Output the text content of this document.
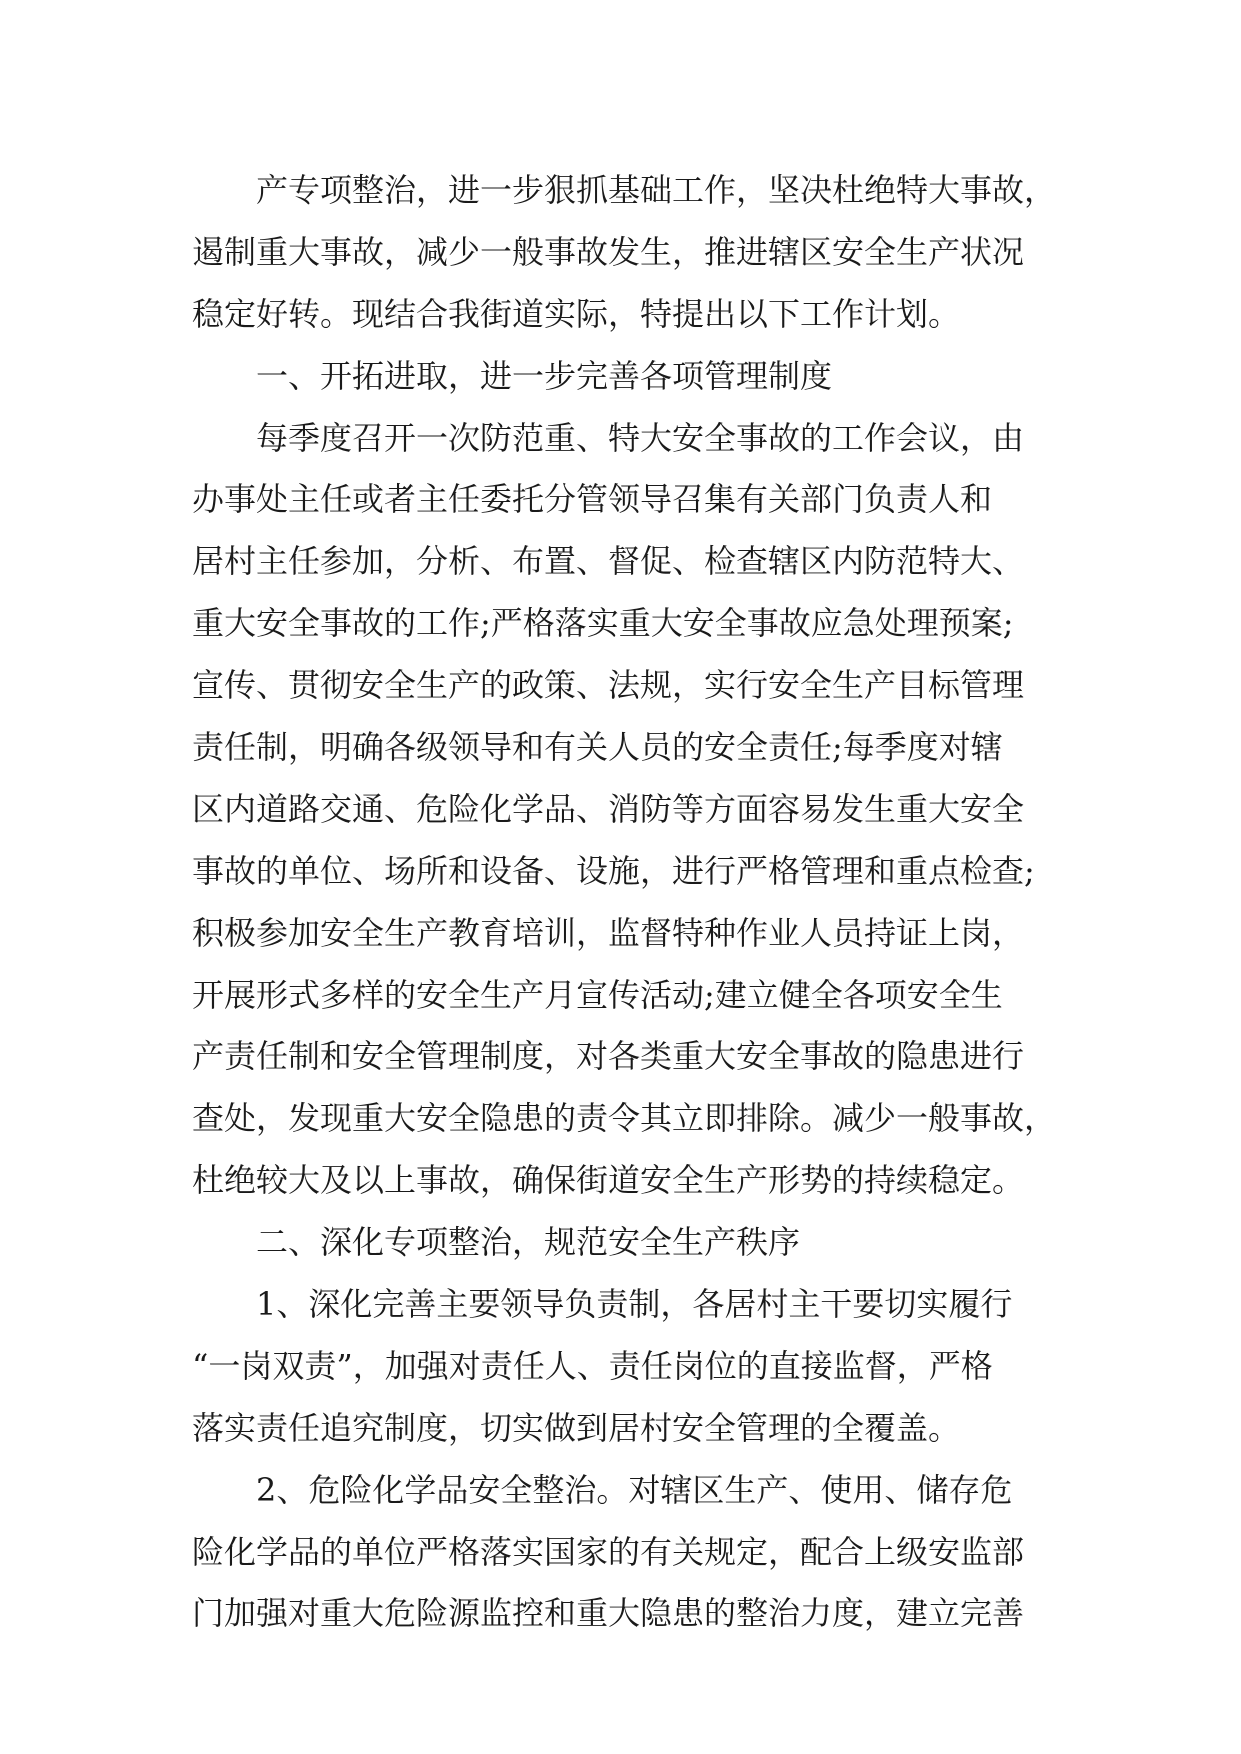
产专项整治，进一步狠抓基础工作，坚决杜绝特大事故，
遏制重大事故，减少一般事故发生，推进辖区安全生产状况
稳定好转。现结合我街道实际，特提出以下工作计划。
一、开拓进取，进一步完善各项管理制度
每季度召开一次防范重、特大安全事故的工作会议，由
办事处主任或者主任委托分管领导召集有关部门负责人和
居村主任参加，分析、布置、督促、检查辖区内防范特大、
重大安全事故的工作;严格落实重大安全事故应急处理预案;
宣传、贯彻安全生产的政策、法规，实行安全生产目标管理
责任制，明确各级领导和有关人员的安全责任;每季度对辖
区内道路交通、危险化学品、消防等方面容易发生重大安全
事故的单位、场所和设备、设施，进行严格管理和重点检查;
积极参加安全生产教育培训，监督特种作业人员持证上岗，
开展形式多样的安全生产月宣传活动;建立健全各项安全生
产责任制和安全管理制度，对各类重大安全事故的隐患进行
查处，发现重大安全隐患的责令其立即排除。减少一般事故，
杜绝较大及以上事故，确保街道安全生产形势的持续稳定。
二、深化专项整治，规范安全生产秩序
1、深化完善主要领导负责制，各居村主干要切实履行
“一岗双责”，加强对责任人、责任岗位的直接监督，严格
落实责任追究制度，切实做到居村安全管理的全覆盖。
2、危险化学品安全整治。对辖区生产、使用、储存危
险化学品的单位严格落实国家的有关规定，配合上级安监部
门加强对重大危险源监控和重大隐患的整治力度，建立完善
